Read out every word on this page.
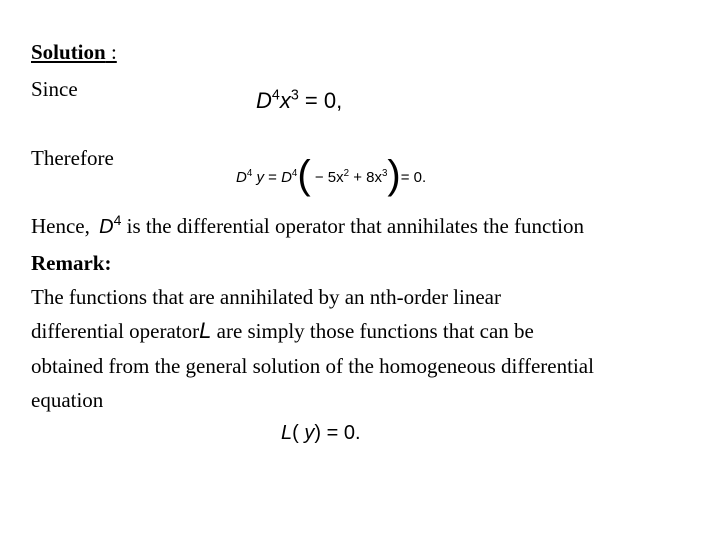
Solution :
Since	$D^4x^3 = 0$,
Therefore
$D^4$ $y = D^4( - 5x^2 + 8x^3)= 0$.
Hence, $D^4$ is the differential operator that annihilates the function
Remark:
The functions that are annihilated by an nth-order linear
differential operatorL are simply those functions that can be
obtained from the general solution of the homogeneous differential
equation
L( y) = 0.
